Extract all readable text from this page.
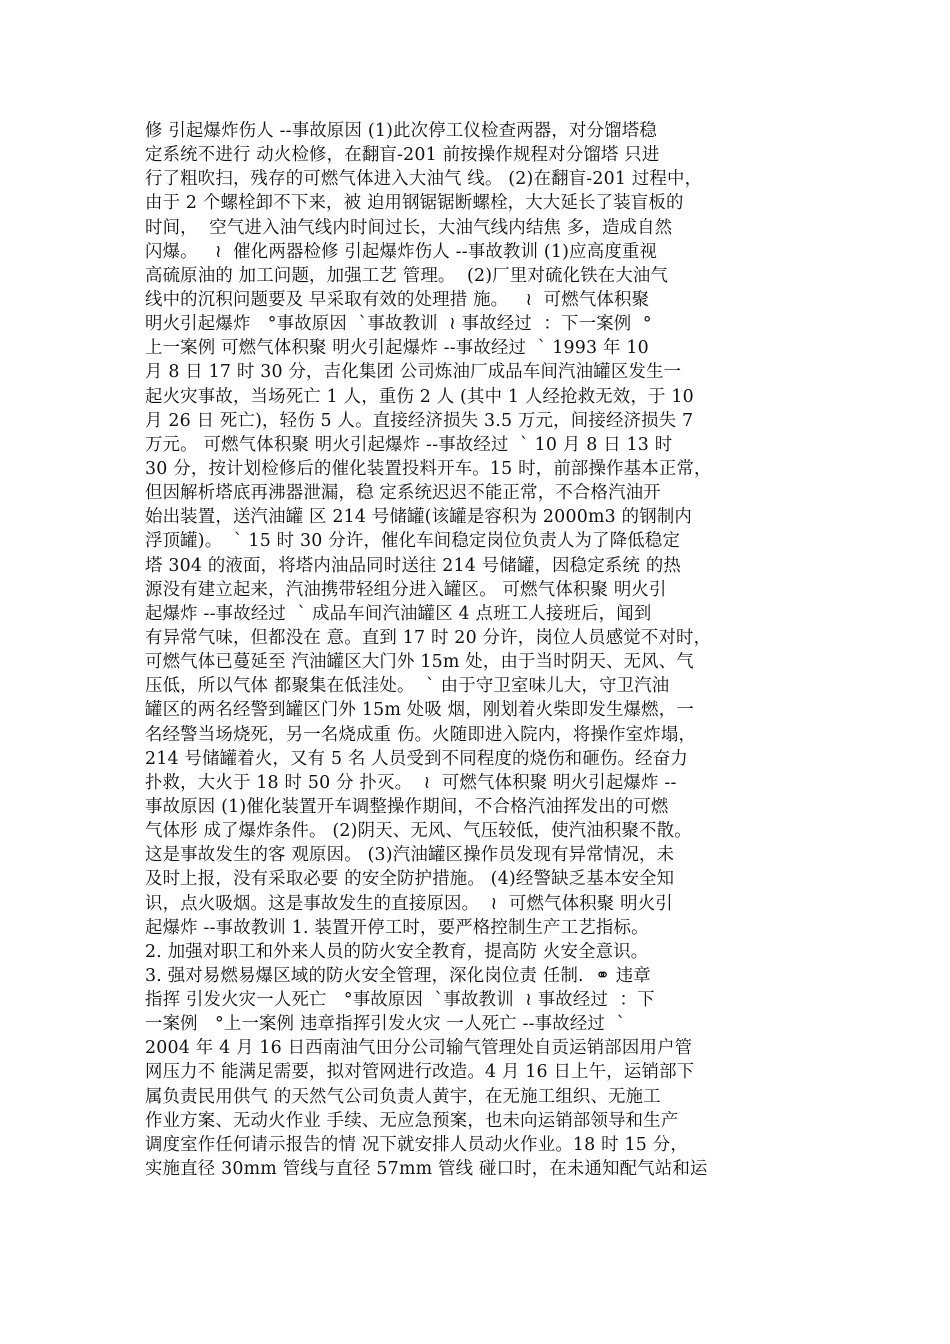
修 引起爆炸伤人 --事故原因 (1)此次停工仪检查两器，对分馏塔稳
定系统不进行 动火检修，在翻盲-201 前按操作规程对分馏塔 只进
行了粗吹扫，残存的可燃气体进入大油气 线。 (2)在翻盲-201 过程中，
由于 2 个螺栓卸不下来，被 迫用钢锯锯断螺栓，大大延长了装盲板的
时间，  空气进入油气线内时间过长，大油气线内结焦 多，造成自然
闪爆。   ≀  催化两器检修 引起爆炸伤人 --事故教训 (1)应高度重视
高硫原油的 加工问题，加强工艺 管理。  (2)厂里对硫化铁在大油气
线中的沉积问题要及 早采取有效的处理措 施。   ≀  可燃气体积聚
明火引起爆炸   °事故原因  ˋ事故教训  ≀ 事故经过  ：下一案例  °
上一案例 可燃气体积聚 明火引起爆炸 --事故经过  ˋ 1993 年 10
月 8 日 17 时 30 分，吉化集团 公司炼油厂成品车间汽油罐区发生一
起火灾事故，当场死亡 1 人，重伤 2 人 (其中 1 人经抢救无效，于 10
月 26 日 死亡)，轻伤 5 人。直接经济损失 3.5 万元，间接经济损失 7
万元。 可燃气体积聚 明火引起爆炸 --事故经过  ˋ 10 月 8 日 13 时
30 分，按计划检修后的催化装置投料开车。15 时，前部操作基本正常，
但因解析塔底再沸器泄漏，稳 定系统迟迟不能正常，不合格汽油开
始出装置，送汽油罐 区 214 号储罐(该罐是容积为 2000m3 的钢制内
浮顶罐)。  ˋ 15 时 30 分许，催化车间稳定岗位负责人为了降低稳定
塔 304 的液面，将塔内油品同时送往 214 号储罐，因稳定系统 的热
源没有建立起来，汽油携带轻组分进入罐区。 可燃气体积聚 明火引
起爆炸 --事故经过  ˋ 成品车间汽油罐区 4 点班工人接班后，闻到
有异常气味，但都没在 意。直到 17 时 20 分许，岗位人员感觉不对时，
可燃气体已蔓延至 汽油罐区大门外 15m 处，由于当时阴天、无风、气
压低，所以气体 都聚集在低洼处。  ˋ 由于守卫室味儿大，守卫汽油
罐区的两名经警到罐区门外 15m 处吸 烟，刚划着火柴即发生爆燃，一
名经警当场烧死，另一名烧成重 伤。火随即进入院内，将操作室炸塌，
214 号储罐着火，又有 5 名 人员受到不同程度的烧伤和砸伤。经奋力
扑救，大火于 18 时 50 分 扑灭。  ≀  可燃气体积聚 明火引起爆炸 --
事故原因 (1)催化装置开车调整操作期间，不合格汽油挥发出的可燃
气体形 成了爆炸条件。 (2)阴天、无风、气压较低，使汽油积聚不散。
这是事故发生的客 观原因。 (3)汽油罐区操作员发现有异常情况，未
及时上报，没有采取必要 的安全防护措施。 (4)经警缺乏基本安全知
识，点火吸烟。这是事故发生的直接原因。  ≀  可燃气体积聚 明火引
起爆炸 --事故教训 1. 装置开停工时，要严格控制生产工艺指标。
2. 加强对职工和外来人员的防火安全教育，提高防 火安全意识。
3. 强对易燃易爆区域的防火安全管理，深化岗位责 任制.  ⚭ 违章
指挥 引发火灾一人死亡   °事故原因  ˋ事故教训  ≀ 事故经过  ：下
一案例   °上一案例 违章指挥引发火灾 一人死亡 --事故经过  ˋ
2004 年 4 月 16 日西南油气田分公司输气管理处自贡运销部因用户管
网压力不 能满足需要，拟对管网进行改造。4 月 16 日上午，运销部下
属负责民用供气 的天然气公司负责人黄宇，在无施工组织、无施工
作业方案、无动火作业 手续、无应急预案，也未向运销部领导和生产
调度室作任何请示报告的情 况下就安排人员动火作业。18 时 15 分，
实施直径 30mm 管线与直径 57mm 管线 碰口时，在未通知配气站和运
